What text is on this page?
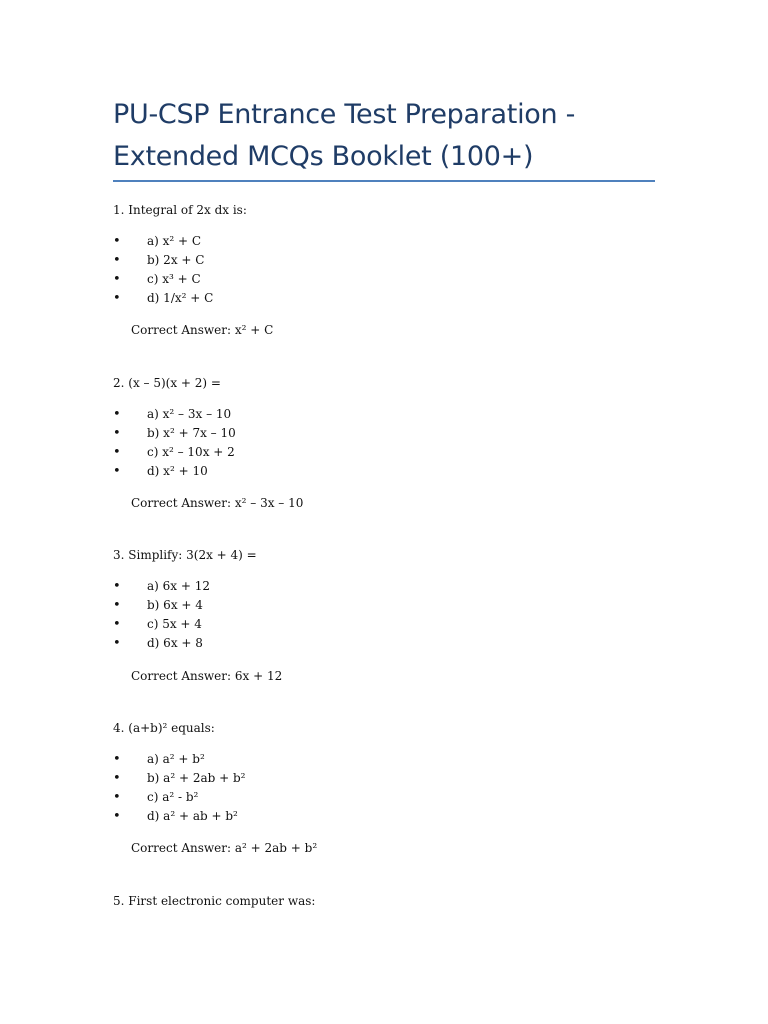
PU-CSP Entrance Test Preparation - Extended MCQs Booklet (100+)

1. Integral of 2x dx is:

• a) x² + C
• b) 2x + C
• c) x³ + C
• d) 1/x² + C

Correct Answer: x² + C

2. (x – 5)(x + 2) =

• a) x² – 3x – 10
• b) x² + 7x – 10
• c) x² – 10x + 2
• d) x² + 10

Correct Answer: x² – 3x – 10

3. Simplify: 3(2x + 4) =

• a) 6x + 12
• b) 6x + 4
• c) 5x + 4
• d) 6x + 8

Correct Answer: 6x + 12

4. (a+b)² equals:

• a) a² + b²
• b) a² + 2ab + b²
• c) a² - b²
• d) a² + ab + b²

Correct Answer: a² + 2ab + b²

5. First electronic computer was:
